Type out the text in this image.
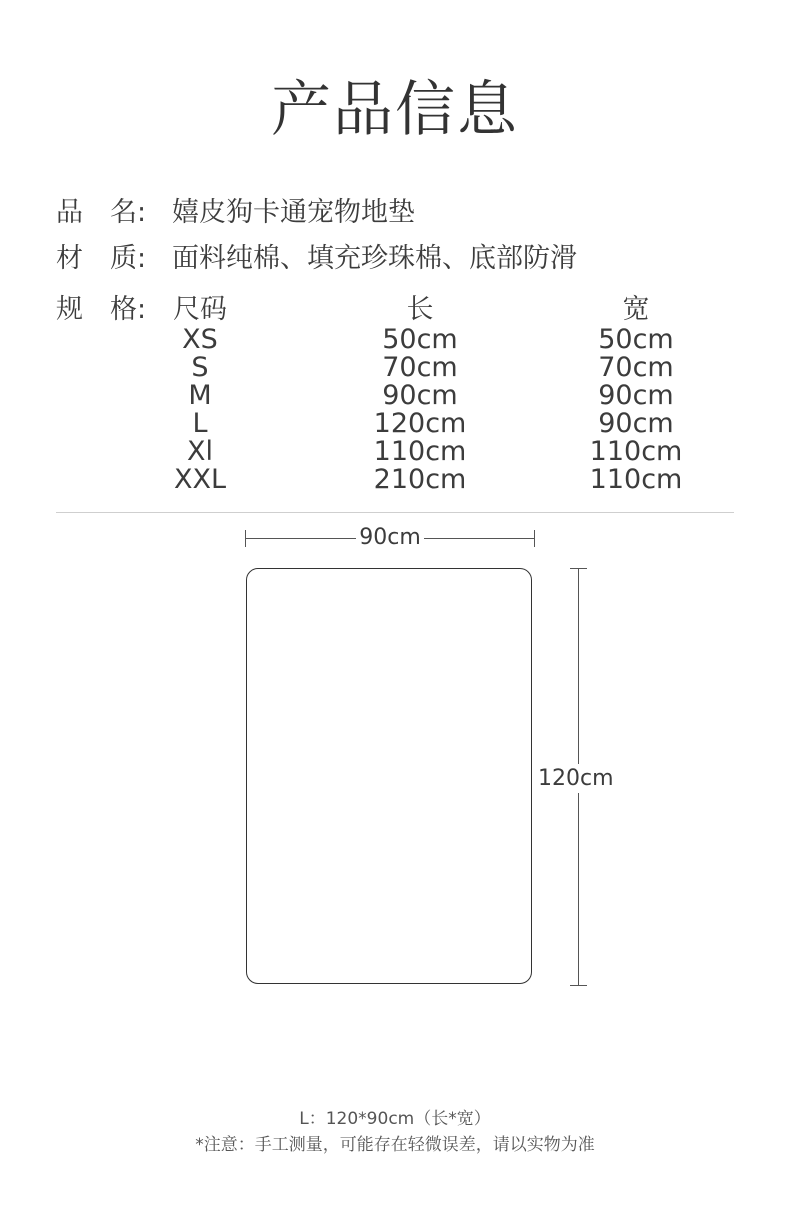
产品信息
品　名: 嬉皮狗卡通宠物地垫
材　质: 面料纯棉、填充珍珠棉、底部防滑
规　格: 尺码	长	宽
XS
S
M
L
Xl
XXL
50cm
70cm
90cm
120cm
110cm
210cm
50cm
70cm
90cm
90cm
110cm
110cm
90cm
120cm
L：120*90cm（长*宽）
*注意：手工测量，可能存在轻微误差，请以实物为准
